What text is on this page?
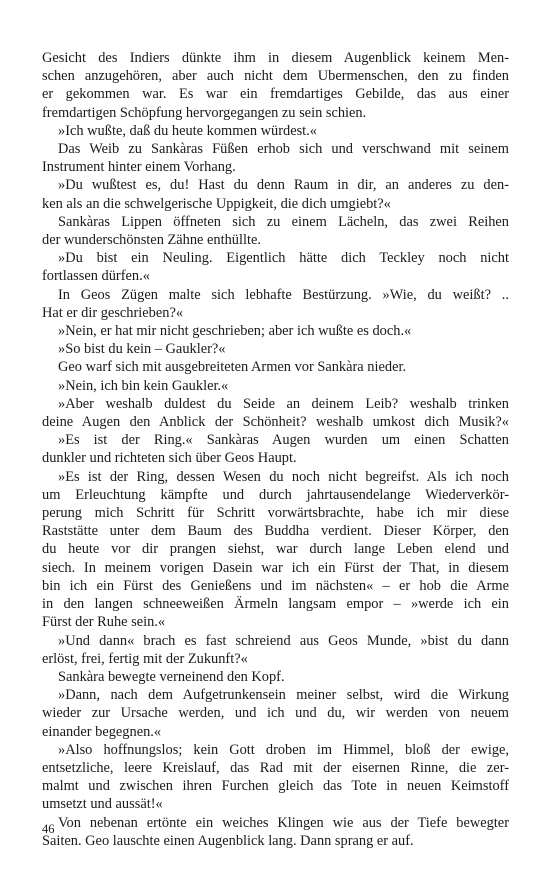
Gesicht des Indiers dünkte ihm in diesem Augenblick keinem Men-
schen anzugehören, aber auch nicht dem Ubermenschen, den zu finden
er gekommen war. Es war ein fremdartiges Gebilde, das aus einer
fremdartigen Schöpfung hervorgegangen zu sein schien.
»Ich wußte, daß du heute kommen würdest.«
Das Weib zu Sankàras Füßen erhob sich und verschwand mit seinem
Instrument hinter einem Vorhang.
»Du wußtest es, du! Hast du denn Raum in dir, an anderes zu den-
ken als an die schwelgerische Uppigkeit, die dich umgiebt?«
Sankàras Lippen öffneten sich zu einem Lächeln, das zwei Reihen
der wunderschönsten Zähne enthüllte.
»Du bist ein Neuling. Eigentlich hätte dich Teckley noch nicht
fortlassen dürfen.«
In Geos Zügen malte sich lebhafte Bestürzung. »Wie, du weißt? ..
Hat er dir geschrieben?«
»Nein, er hat mir nicht geschrieben; aber ich wußte es doch.«
»So bist du kein – Gaukler?«
Geo warf sich mit ausgebreiteten Armen vor Sankàra nieder.
»Nein, ich bin kein Gaukler.«
»Aber weshalb duldest du Seide an deinem Leib? weshalb trinken
deine Augen den Anblick der Schönheit? weshalb umkost dich Musik?«
»Es ist der Ring.« Sankàras Augen wurden um einen Schatten
dunkler und richteten sich über Geos Haupt.
»Es ist der Ring, dessen Wesen du noch nicht begreifst. Als ich noch
um Erleuchtung kämpfte und durch jahrtausendelange Wiederverkör-
perung mich Schritt für Schritt vorwärtsbrachte, habe ich mir diese
Raststätte unter dem Baum des Buddha verdient. Dieser Körper, den
du heute vor dir prangen siehst, war durch lange Leben elend und
siech. In meinem vorigen Dasein war ich ein Fürst der That, in diesem
bin ich ein Fürst des Genießens und im nächsten« – er hob die Arme
in den langen schneeweißen Ärmeln langsam empor – »werde ich ein
Fürst der Ruhe sein.«
»Und dann« brach es fast schreiend aus Geos Munde, »bist du dann
erlöst, frei, fertig mit der Zukunft?«
Sankàra bewegte verneinend den Kopf.
»Dann, nach dem Aufgetrunkensein meiner selbst, wird die Wirkung
wieder zur Ursache werden, und ich und du, wir werden von neuem
einander begegnen.«
»Also hoffnungslos; kein Gott droben im Himmel, bloß der ewige,
entsetzliche, leere Kreislauf, das Rad mit der eisernen Rinne, die zer-
malmt und zwischen ihren Furchen gleich das Tote in neuen Keimstoff
umsetzt und aussät!«
Von nebenan ertönte ein weiches Klingen wie aus der Tiefe bewegter
Saiten. Geo lauschte einen Augenblick lang. Dann sprang er auf.
46
